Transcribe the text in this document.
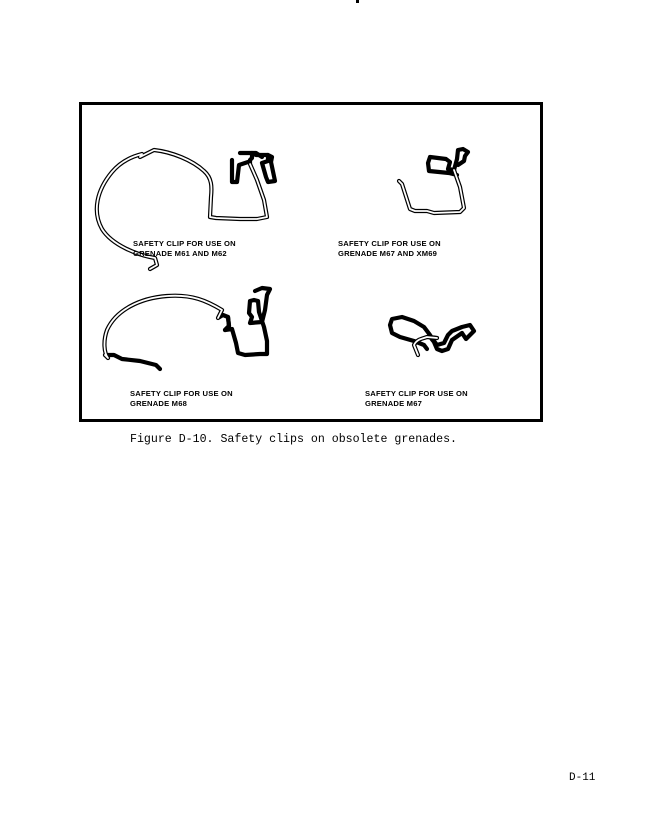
SAFETY CLIP FOR USE ON
GRENADE M61 AND M62
SAFETY CLIP FOR USE ON
GRENADE M67 AND XM69
SAFETY CLIP FOR USE ON
GRENADE M68
SAFETY CLIP FOR USE ON
GRENADE M67
Figure D-10. Safety clips on obsolete grenades.
D-11
